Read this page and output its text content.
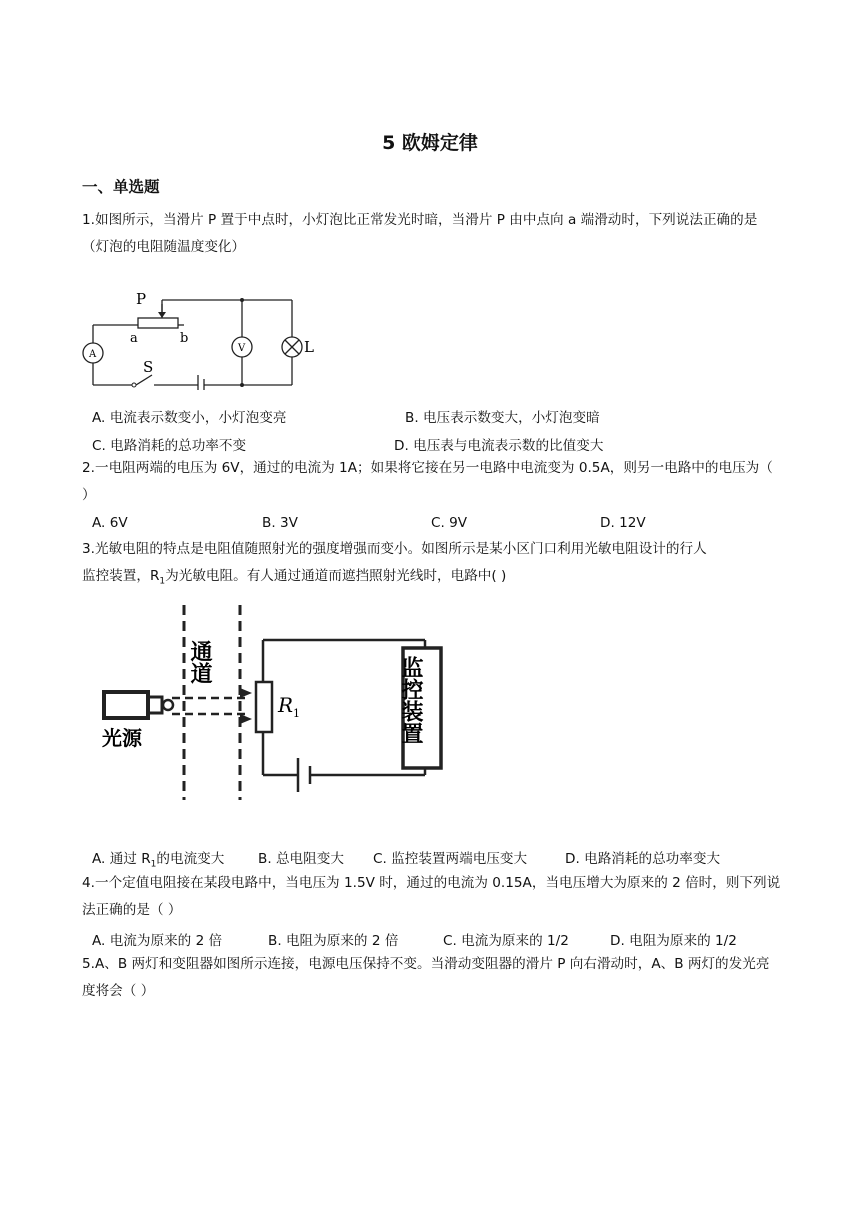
5 欧姆定律
一、单选题
1.如图所示，当滑片 P 置于中点时，小灯泡比正常发光时暗，当滑片 P 由中点向 a 端滑动时，下列说法正确的是（灯泡的电阻随温度变化）
P
a	b
S
L
A
V
A. 电流表示数变小，小灯泡变亮	B. 电压表示数变大，小灯泡变暗
C. 电路消耗的总功率不变	D. 电压表与电流表示数的比值变大
2.一电阻两端的电压为 6V，通过的电流为 1A；如果将它接在另一电路中电流变为 0.5A，则另一电路中的电压为（ ）
A. 6V	B. 3V	C. 9V	D. 12V
3.光敏电阻的特点是电阻值随照射光的强度增强而变小。如图所示是某小区门口利用光敏电阻设计的行人
监控装置，$R_1$为光敏电阻。有人通过通道而遮挡照射光线时，电路中( )
通道
光源	监控装置
R 1
A. 通过 $R_1$的电流变大 B. 总电阻变大 C. 监控装置两端电压变大	D. 电路消耗的总功率变大
4.一个定值电阻接在某段电路中，当电压为 1.5V 时，通过的电流为 0.15A，当电压增大为原来的 2 倍时，则下列说法正确的是（ ）
A. 电流为原来的 2 倍	B. 电阻为原来的 2 倍	C. 电流为原来的 1/2	D. 电阻为原来的 1/2
5.A、B 两灯和变阻器如图所示连接，电源电压保持不变。当滑动变阻器的滑片 P 向右滑动时，A、B 两灯的发光亮度将会（ ）
